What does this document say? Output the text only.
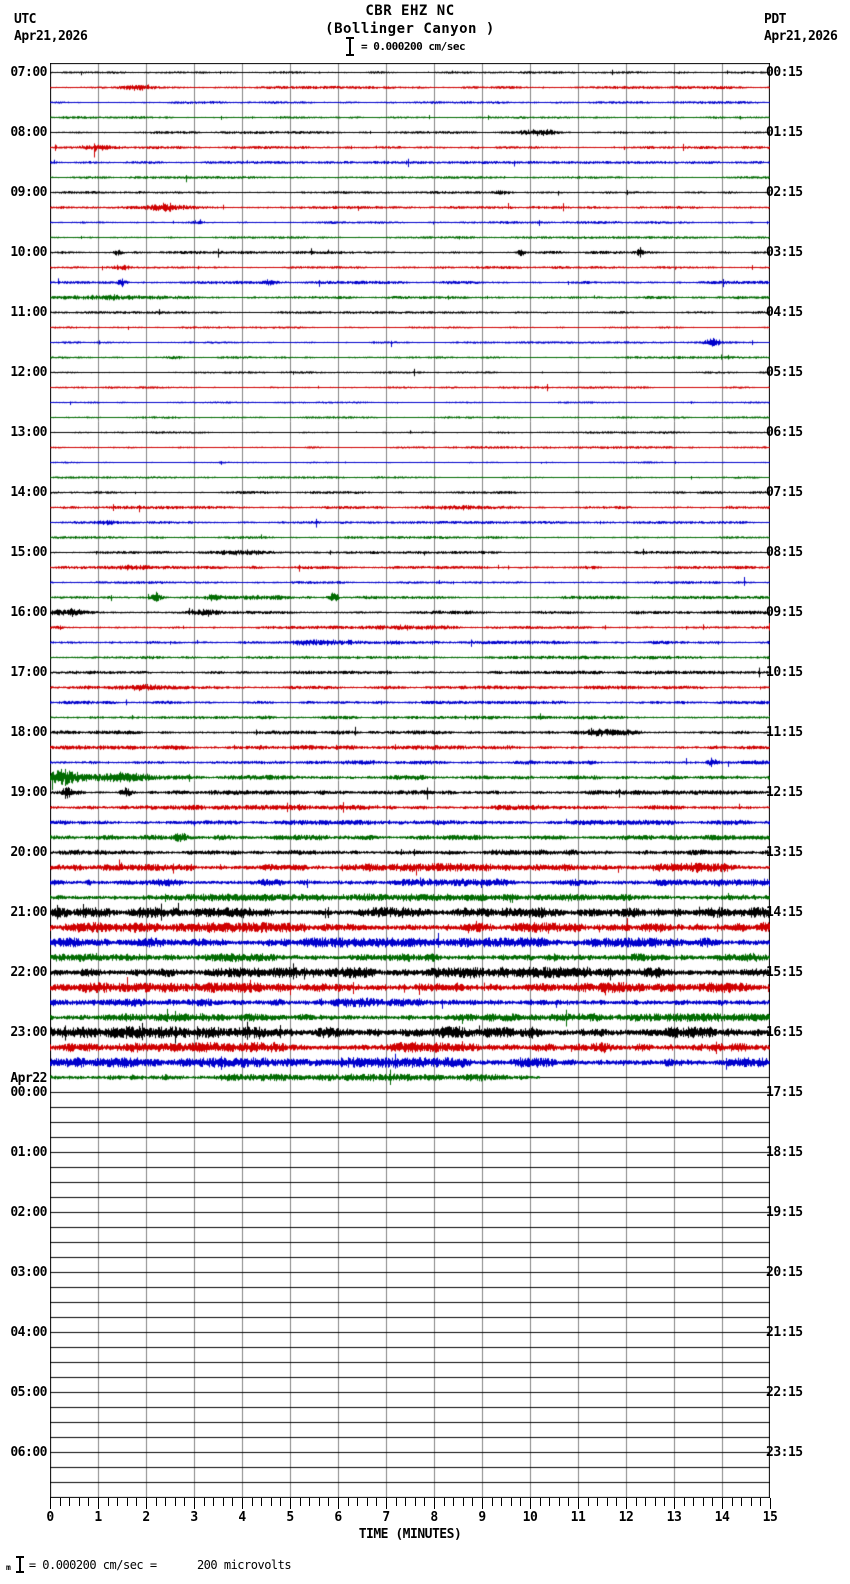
UTC
Apr21,2026
PDT
Apr21,2026
CBR EHZ NC
(Bollinger Canyon )
= 0.000200 cm/sec
07:00
08:00
09:00
10:00
11:00
12:00
13:00
14:00
15:00
16:00
17:00
18:00
19:00
20:00
21:00
22:00
23:00
00:00
Apr22
01:00
02:00
03:00
04:00
05:00
06:00
00:15
01:15
02:15
03:15
04:15
05:15
06:15
07:15
08:15
09:15
10:15
11:15
12:15
13:15
14:15
15:15
16:15
17:15
18:15
19:15
20:15
21:15
22:15
23:15
0	1	2	3	4	5	6	7	8	9	10	11	12	13	14	15
TIME (MINUTES)
m = 0.000200 cm/sec =      200 microvolts
